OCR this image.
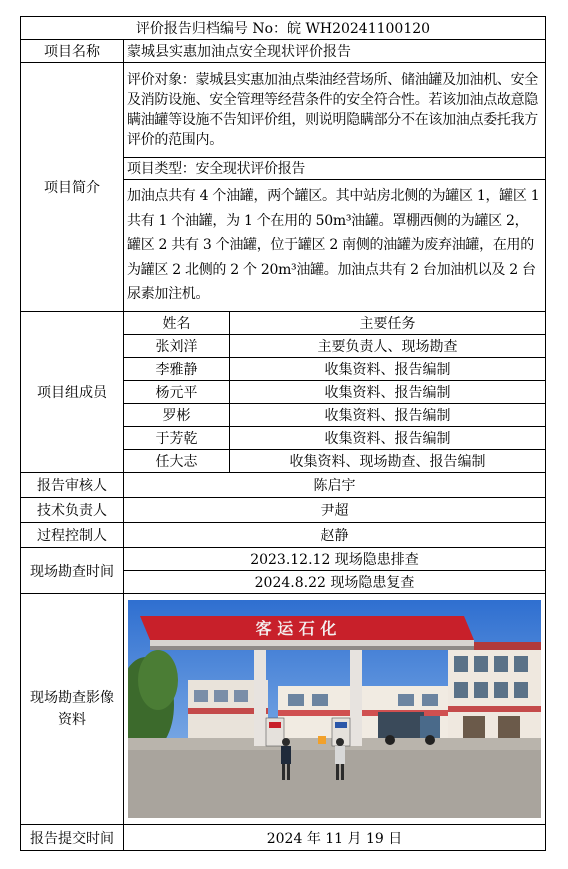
评价报告归档编号 No：皖 WH20241100120		
项目名称	蒙城县实惠加油点安全现状评价报告	
项目简介	评价对象：蒙城县实惠加油点柴油经营场所、储油罐及加油机、安全及消防设施、安全管理等经营条件的安全符合性。若该加油点故意隐瞒油罐等设施不告知评价组，则说明隐瞒部分不在该加油点委托我方评价的范围内。	
	项目类型：安全现状评价报告	
	加油点共有 4 个油罐，两个罐区。其中站房北侧的为罐区 1，罐区 1 共有 1 个油罐，为 1 个在用的 50m³油罐。罩棚西侧的为罐区 2，罐区 2 共有 3 个油罐，位于罐区 2 南侧的油罐为废弃油罐，在用的为罐区 2 北侧的 2 个 20m³油罐。加油点共有 2 台加油机以及 2 台尿素加注机。	
项目组成员	姓名	主要任务
	张刘洋	主要负责人、现场勘查
	李雅静	收集资料、报告编制
	杨元平	收集资料、报告编制
	罗彬	收集资料、报告编制
	于芳乾	收集资料、报告编制
	任大志	收集资料、现场勘查、报告编制
报告审核人	陈启宇	
技术负责人	尹超	
过程控制人	赵静	
现场勘查时间	2023.12.12 现场隐患排查	
	2024.8.22 现场隐患复查	
现场勘查影像资料	客 运 石 化	

报告提交时间	2024 年 11 月 19 日	
